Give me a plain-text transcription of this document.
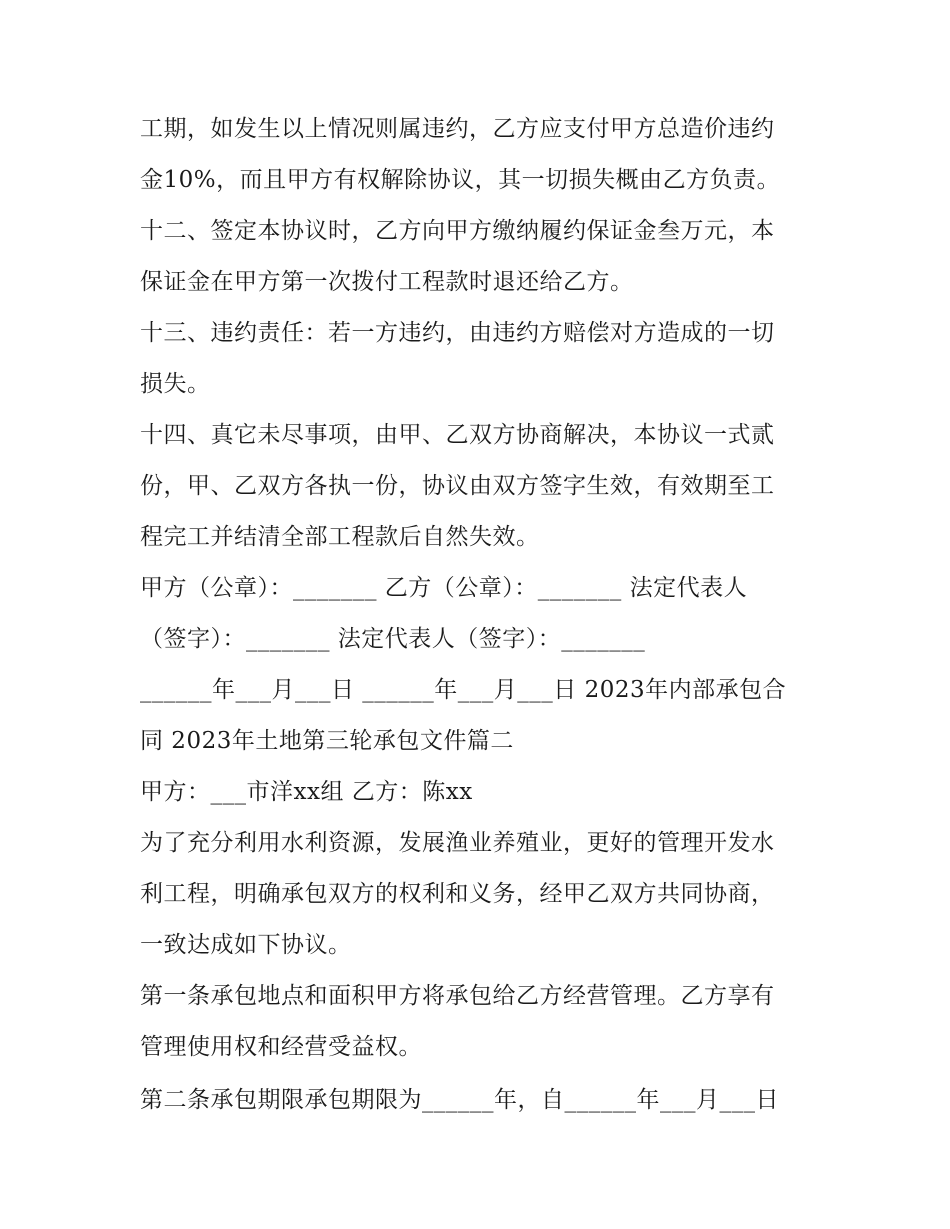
工期，如发生以上情况则属违约，乙方应支付甲方总造价违约
金10%，而且甲方有权解除协议，其一切损失概由乙方负责。
十二、签定本协议时，乙方向甲方缴纳履约保证金叁万元，本
保证金在甲方第一次拨付工程款时退还给乙方。
十三、违约责任：若一方违约，由违约方赔偿对方造成的一切
损失。
十四、真它未尽事项，由甲、乙双方协商解决，本协议一式贰
份，甲、乙双方各执一份，协议由双方签字生效，有效期至工
程完工并结清全部工程款后自然失效。
甲方（公章）：_______ 乙方（公章）：_______ 法定代表人
（签字）：_______ 法定代表人（签字）：_______
______年___月___日 ______年___月___日 2023年内部承包合
同 2023年土地第三轮承包文件篇二
甲方：___市洋xx组 乙方：陈xx
为了充分利用水利资源，发展渔业养殖业，更好的管理开发水
利工程，明确承包双方的权利和义务，经甲乙双方共同协商，
一致达成如下协议。
第一条承包地点和面积甲方将承包给乙方经营管理。乙方享有
管理使用权和经营受益权。
第二条承包期限承包期限为______年，自______年___月___日
